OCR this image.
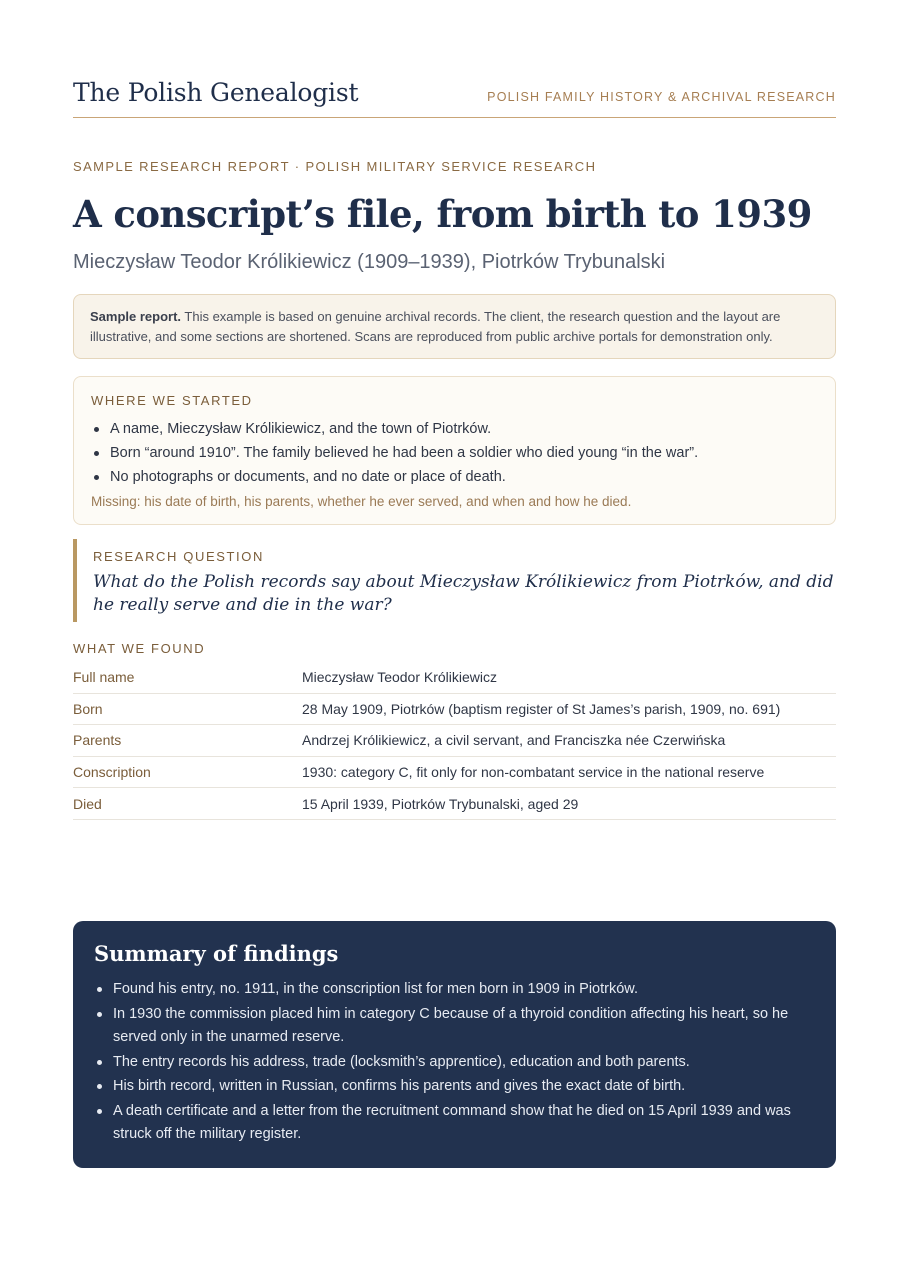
The Polish Genealogist	POLISH FAMILY HISTORY & ARCHIVAL RESEARCH
SAMPLE RESEARCH REPORT · POLISH MILITARY SERVICE RESEARCH
A conscript’s file, from birth to 1939
Mieczysław Teodor Królikiewicz (1909–1939), Piotrków Trybunalski
Sample report. This example is based on genuine archival records. The client, the research question and the layout are illustrative, and some sections are shortened. Scans are reproduced from public archive portals for demonstration only.
WHERE WE STARTED
A name, Mieczysław Królikiewicz, and the town of Piotrków.
Born “around 1910”. The family believed he had been a soldier who died young “in the war”.
No photographs or documents, and no date or place of death.
Missing: his date of birth, his parents, whether he ever served, and when and how he died.
RESEARCH QUESTION
What do the Polish records say about Mieczysław Królikiewicz from Piotrków, and did he really serve and die in the war?
WHAT WE FOUND
Full name	Mieczysław Teodor Królikiewicz
Born	28 May 1909, Piotrków (baptism register of St James’s parish, 1909, no. 691)
Parents	Andrzej Królikiewicz, a civil servant, and Franciszka née Czerwińska
Conscription	1930: category C, fit only for non-combatant service in the national reserve
Died	15 April 1939, Piotrków Trybunalski, aged 29
Summary of findings
Found his entry, no. 1911, in the conscription list for men born in 1909 in Piotrków.
In 1930 the commission placed him in category C because of a thyroid condition affecting his heart, so he served only in the unarmed reserve.
The entry records his address, trade (locksmith’s apprentice), education and both parents.
His birth record, written in Russian, confirms his parents and gives the exact date of birth.
A death certificate and a letter from the recruitment command show that he died on 15 April 1939 and was struck off the military register.
